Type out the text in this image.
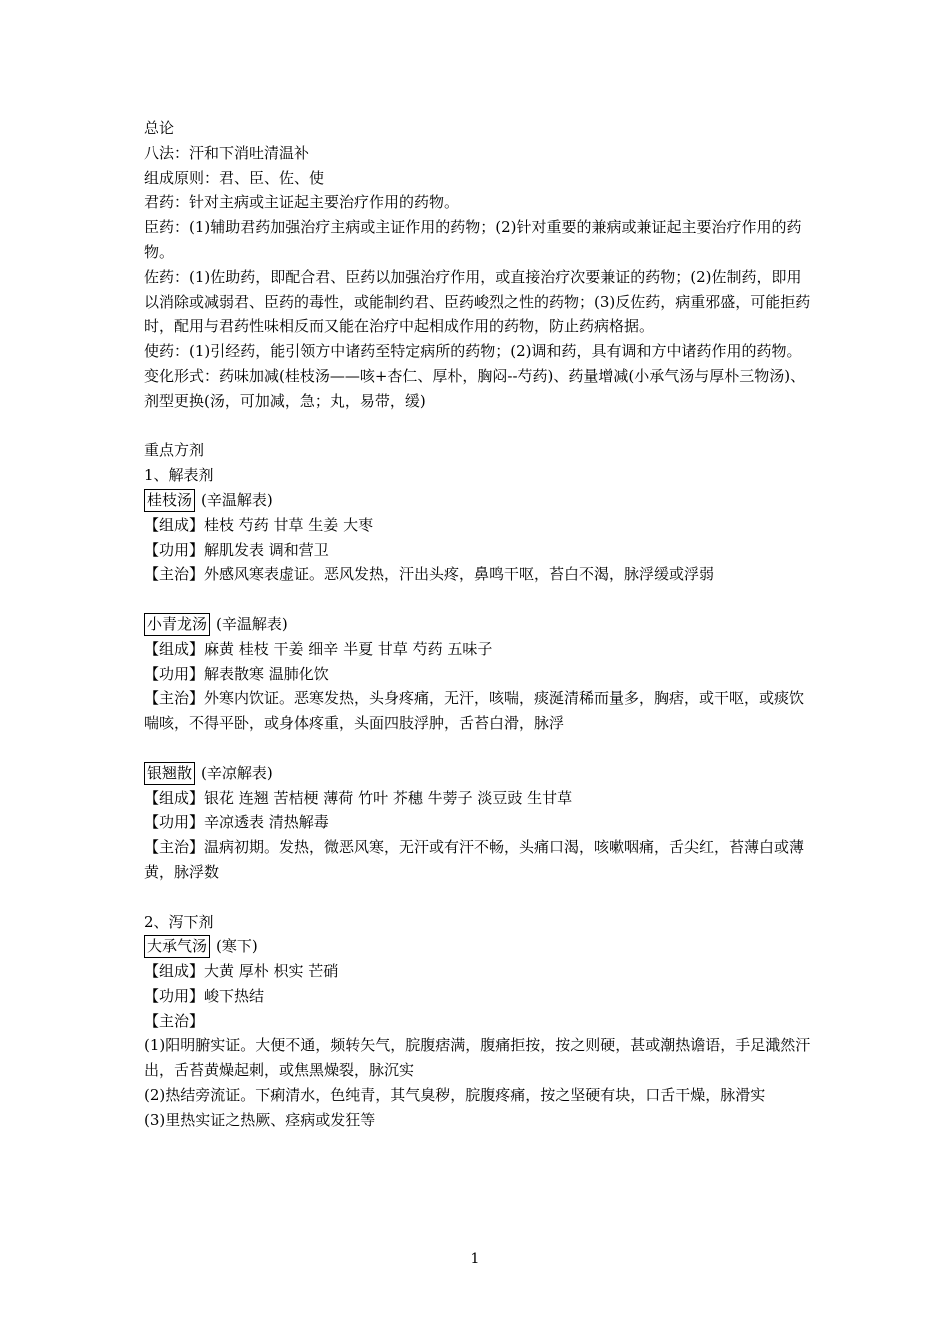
总论

八法：汗和下消吐清温补

组成原则：君、臣、佐、使

君药：针对主病或主证起主要治疗作用的药物。

臣药：(1)辅助君药加强治疗主病或主证作用的药物；(2)针对重要的兼病或兼证起主要治疗作用的药物。

佐药：(1)佐助药，即配合君、臣药以加强治疗作用，或直接治疗次要兼证的药物；(2)佐制药，即用以消除或减弱君、臣药的毒性，或能制约君、臣药峻烈之性的药物；(3)反佐药，病重邪盛，可能拒药时，配用与君药性味相反而又能在治疗中起相成作用的药物，防止药病格据。

使药：(1)引经药，能引领方中诸药至特定病所的药物；(2)调和药，具有调和方中诸药作用的药物。

变化形式：药味加减(桂枝汤——咳+杏仁、厚朴，胸闷--芍药)、药量增减(小承气汤与厚朴三物汤)、剂型更换(汤，可加减，急；丸，易带，缓)

重点方剂

1、解表剂

桂枝汤 (辛温解表)

【组成】桂枝 芍药 甘草 生姜 大枣

【功用】解肌发表 调和营卫

【主治】外感风寒表虚证。恶风发热，汗出头疼，鼻鸣干呕，苔白不渴，脉浮缓或浮弱

小青龙汤 (辛温解表)

【组成】麻黄 桂枝 干姜 细辛 半夏 甘草 芍药 五味子

【功用】解表散寒 温肺化饮

【主治】外寒内饮证。恶寒发热，头身疼痛，无汗，咳喘，痰涎清稀而量多，胸痞，或干呕，或痰饮喘咳，不得平卧，或身体疼重，头面四肢浮肿，舌苔白滑，脉浮

银翘散 (辛凉解表)

【组成】银花 连翘 苦桔梗 薄荷 竹叶 芥穗 牛蒡子 淡豆豉 生甘草

【功用】辛凉透表 清热解毒

【主治】温病初期。发热，微恶风寒，无汗或有汗不畅，头痛口渴，咳嗽咽痛，舌尖红，苔薄白或薄黄，脉浮数

2、泻下剂

大承气汤 (寒下)

【组成】大黄 厚朴 枳实 芒硝

【功用】峻下热结

【主治】

(1)阳明腑实证。大便不通，频转矢气，脘腹痞满，腹痛拒按，按之则硬，甚或潮热谵语，手足濈然汗出，舌苔黄燥起刺，或焦黑燥裂，脉沉实

(2)热结旁流证。下痢清水，色纯青，其气臭秽，脘腹疼痛，按之坚硬有块，口舌干燥，脉滑实

(3)里热实证之热厥、痉病或发狂等

1
